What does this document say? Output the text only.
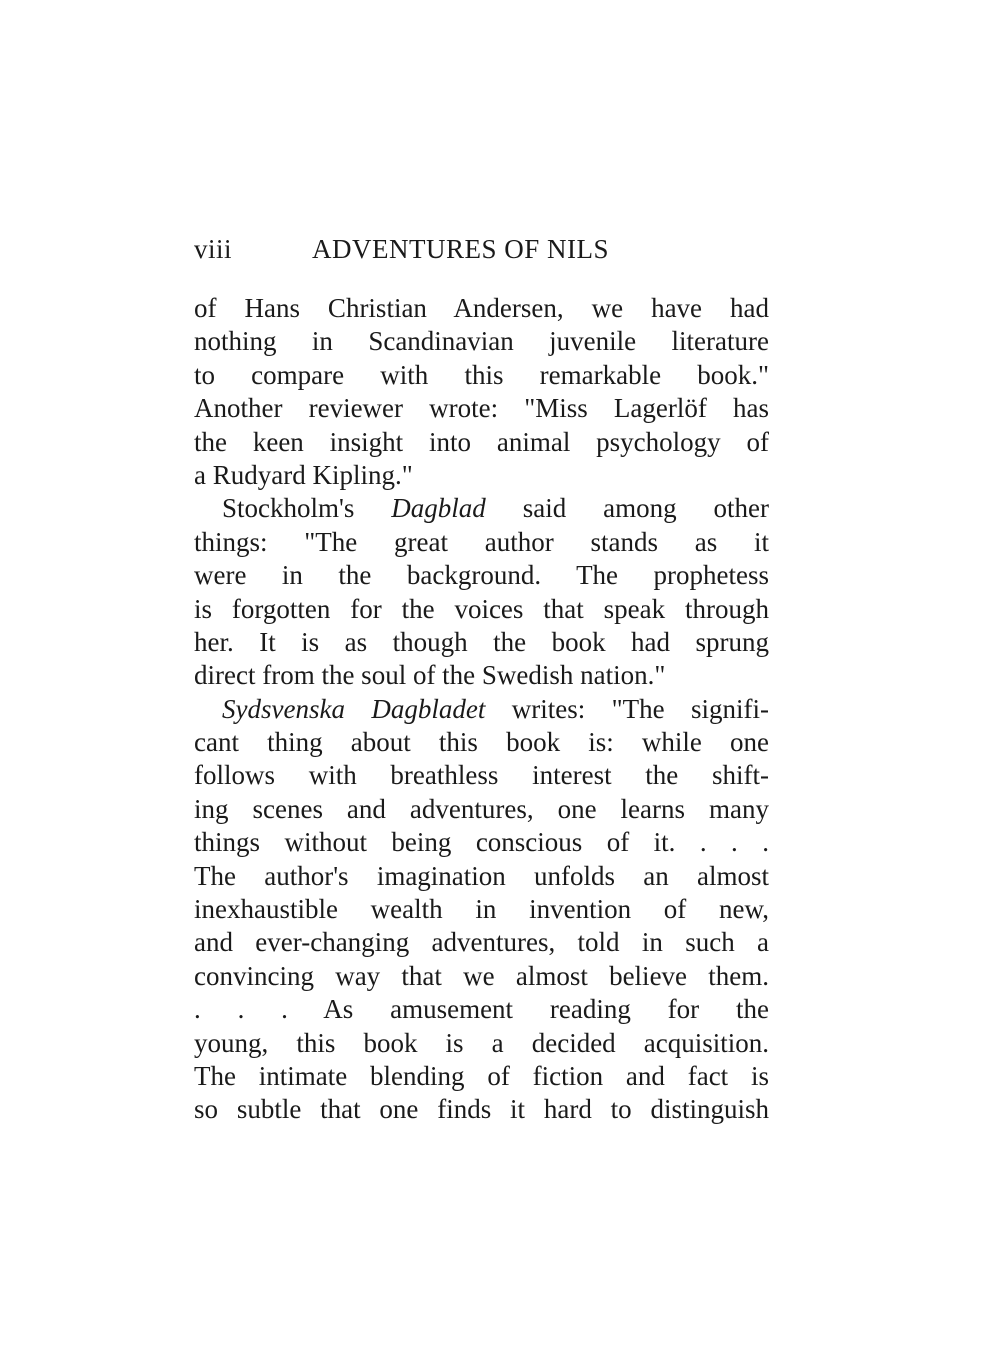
viii	ADVENTURES OF NILS
of Hans Christian Andersen, we have had
nothing in Scandinavian juvenile literature
to compare with this remarkable book."
Another reviewer wrote: "Miss Lagerlöf has
the keen insight into animal psychology of
a Rudyard Kipling."
Stockholm's Dagblad said among other
things: "The great author stands as it
were in the background. The prophetess
is forgotten for the voices that speak through
her. It is as though the book had sprung
direct from the soul of the Swedish nation."
Sydsvenska Dagbladet writes: "The signifi-
cant thing about this book is: while one
follows with breathless interest the shift-
ing scenes and adventures, one learns many
things without being conscious of it. . . .
The author's imagination unfolds an almost
inexhaustible wealth in invention of new,
and ever-changing adventures, told in such a
convincing way that we almost believe them.
. . . As amusement reading for the
young, this book is a decided acquisition.
The intimate blending of fiction and fact is
so subtle that one finds it hard to distinguish
